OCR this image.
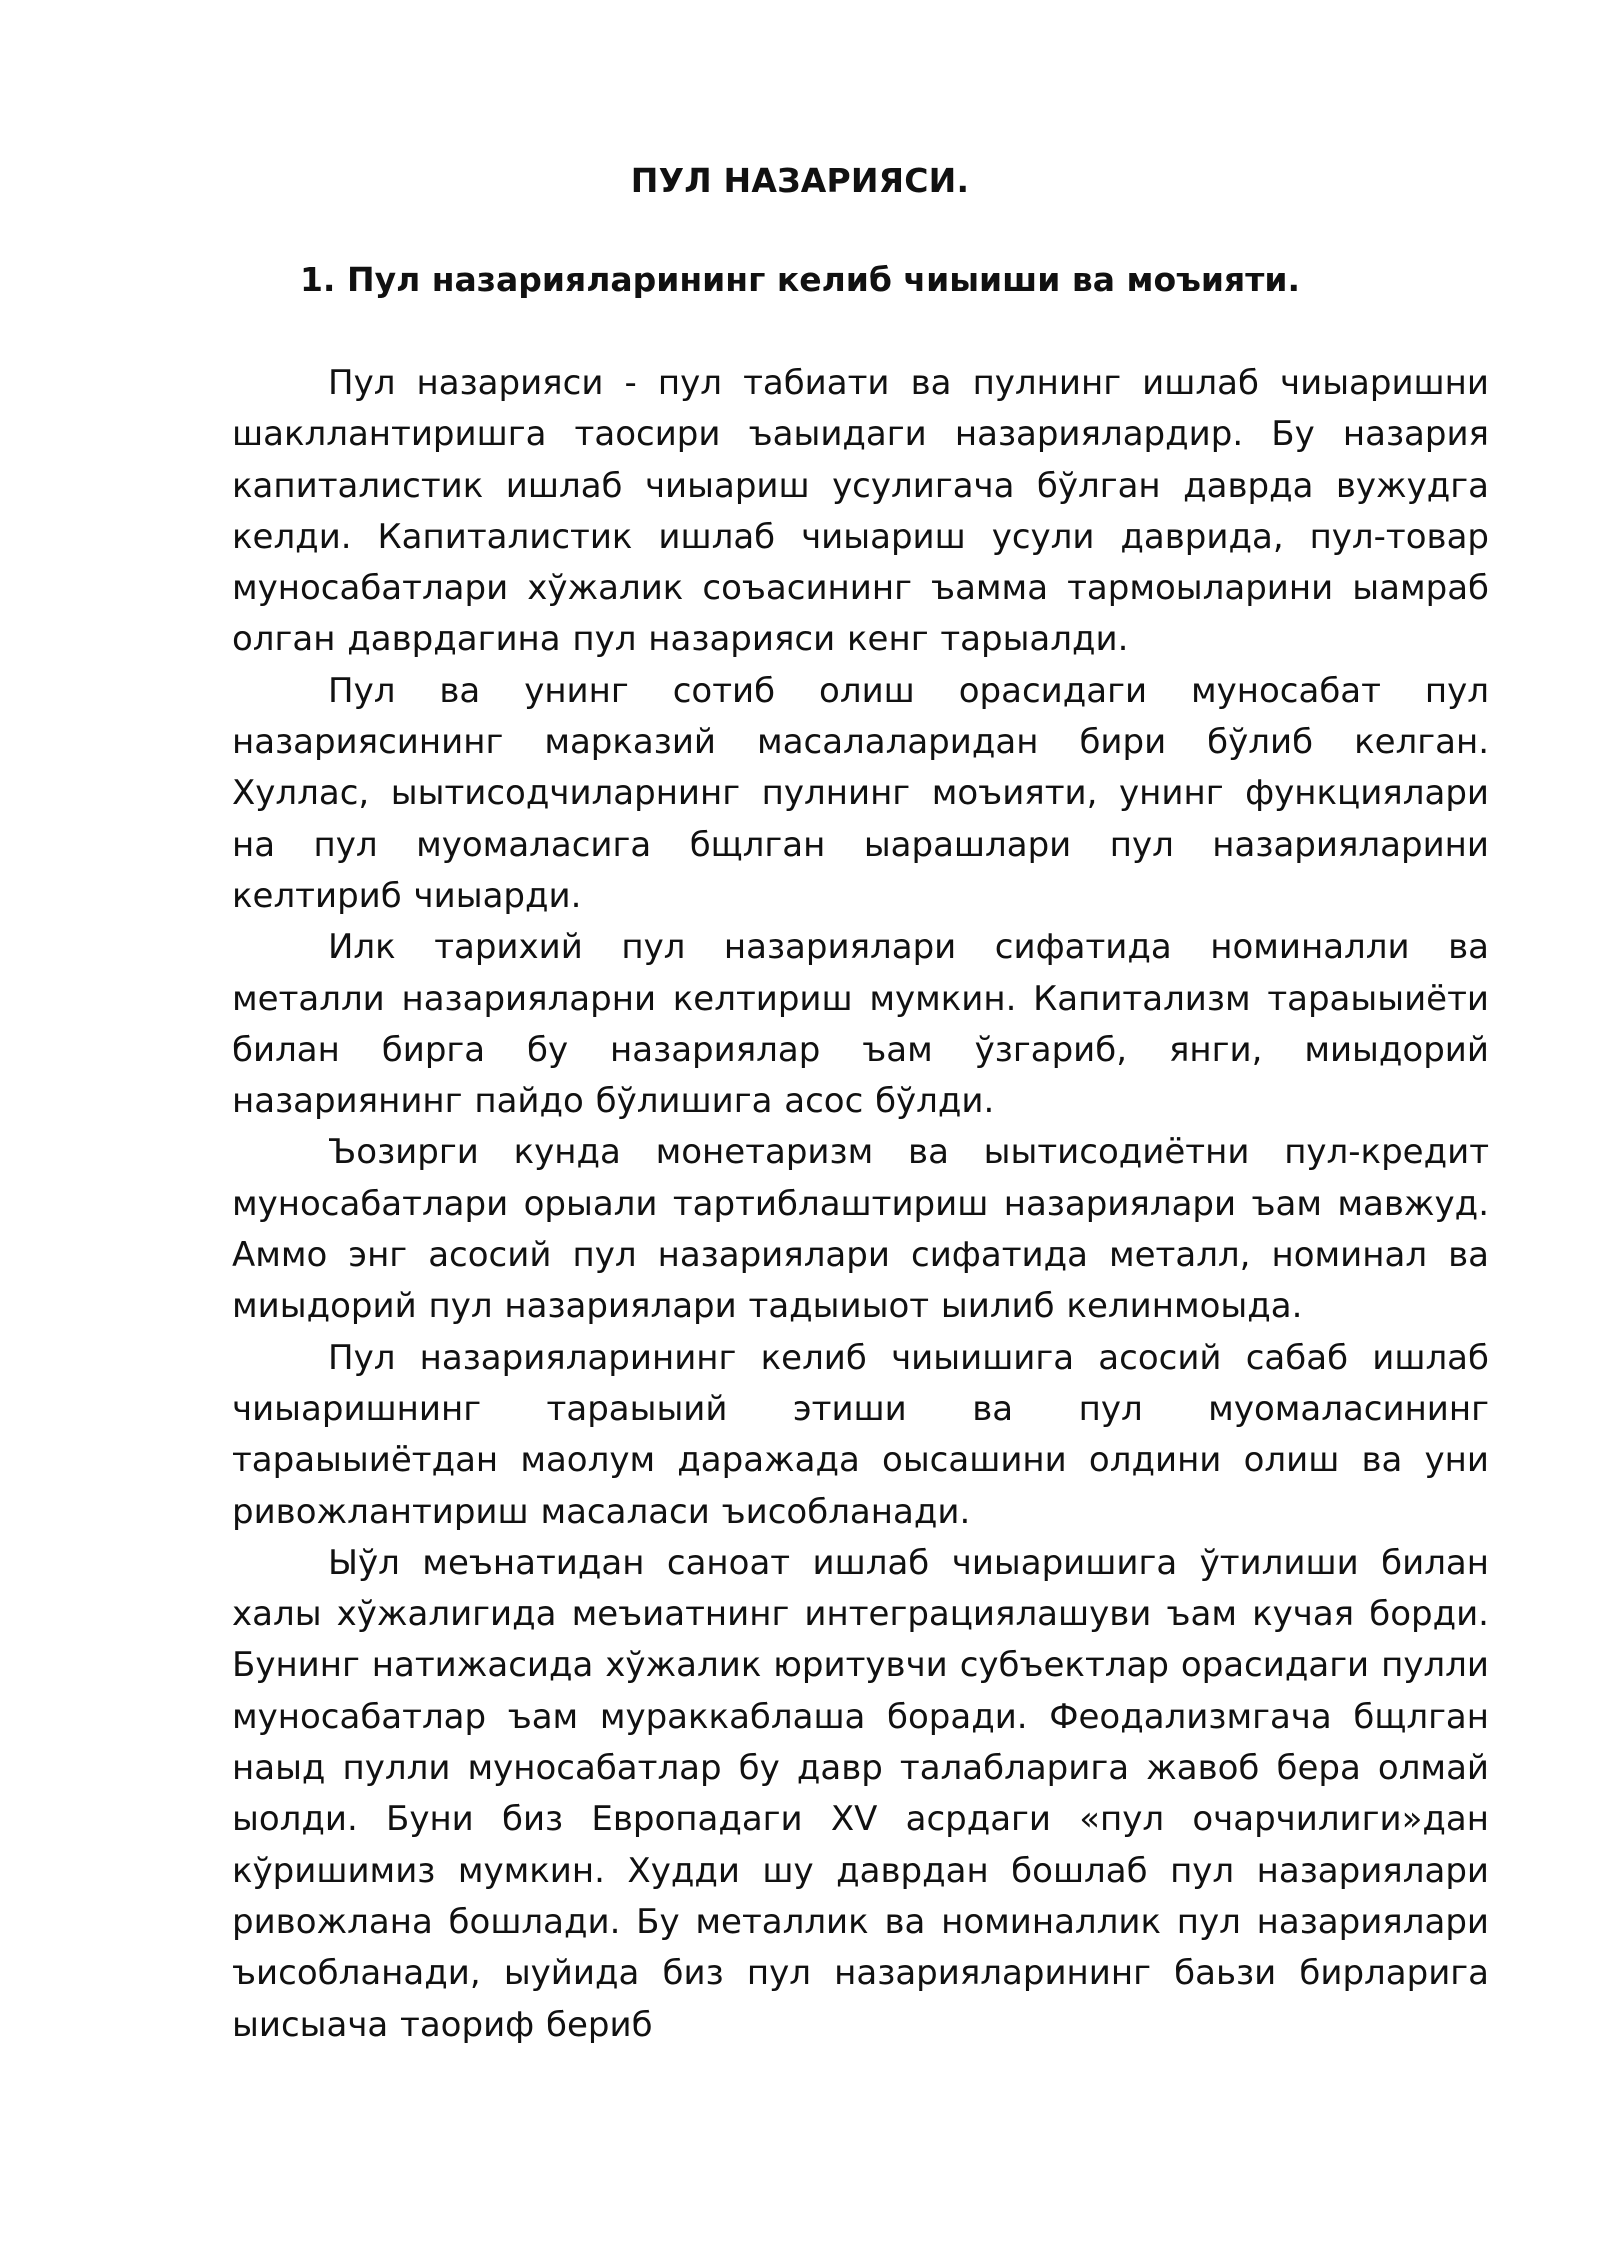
ПУЛ НАЗАРИЯСИ.
1. Пул назарияларининг келиб чиыиши ва моъияти.

Пул назарияси - пул табиати ва пулнинг ишлаб чиыаришни шакллантиришга таосири ъаыидаги назариялардир. Бу назария капиталистик ишлаб чиыариш усулигача бўлган даврда вужудга келди. Капиталистик ишлаб чиыариш усули даврида, пул-товар муносабатлари хўжалик соъасининг ъамма тармоыларини ыамраб олган даврдагина пул назарияси кенг тарыалди.

Пул ва унинг сотиб олиш орасидаги муносабат пул назариясининг марказий масалаларидан бири бўлиб келган. Хуллас, ыытисодчиларнинг пулнинг моъияти, унинг функциялари на пул муомаласига бщлган ыарашлари пул назарияларини келтириб чиыарди.

Илк тарихий пул назариялари сифатида номиналли ва металли назарияларни келтириш мумкин. Капитализм тараыыиёти билан бирга бу назариялар ъам ўзгариб, янги, миыдорий назариянинг пайдо бўлишига асос бўлди.

Ъозирги кунда монетаризм ва ыытисодиётни пул-кредит муносабатлари орыали тартиблаштириш назариялари ъам мавжуд. Аммо энг асосий пул назариялари сифатида металл, номинал ва миыдорий пул назариялари тадыиыот ыилиб келинмоыда.

Пул назарияларининг келиб чиыишига асосий сабаб ишлаб чиыаришнинг тараыыий этиши ва пул муомаласининг тараыыиётдан маолум даражада оысашини олдини олиш ва уни ривожлантириш масаласи ъисобланади.

Ыўл меънатидан саноат ишлаб чиыаришига ўтилиши билан халы хўжалигида меъиатнинг интеграциялашуви ъам кучая борди. Бунинг натижасида хўжалик юритувчи субъектлар орасидаги пулли муносабатлар ъам мураккаблаша боради. Феодализмгача бщлган наыд пулли муносабатлар бу давр талабларига жавоб бера олмай ыолди. Буни биз Европадаги XV асрдаги «пул очарчилиги»дан кўришимиз мумкин. Худди шу даврдан бошлаб пул назариялари ривожлана бошлади. Бу металлик ва номиналлик пул назариялари ъисобланади, ыуйида биз пул назарияларининг баьзи бирларига ыисыача таориф бериб
